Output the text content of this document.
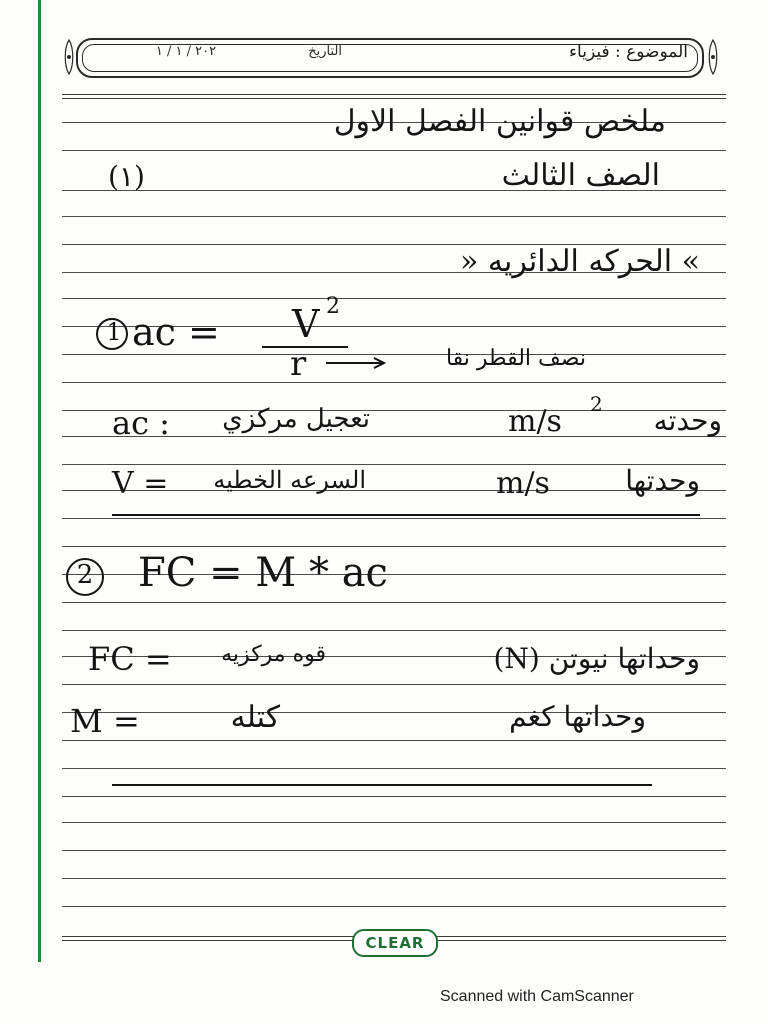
الموضوع : فيزياء
التاريخ
٢٠٢ / ١ / ١
ملخص قوانين الفصل الاول
الصف الثالث
(١)
» الحركه الدائريه «
1 ac =	V 2
r	نصف القطر نقا
ac :	تعجيل مركزي	m/s	2	وحدته
V =	السرعه الخطيه	m/s	وحدتها
2 FC = M * ac
FC =	قوه مركزيه	وحداتها نيوتن (N)
M =	كتله	وحداتها كغم
CLEAR
Scanned with CamScanner
